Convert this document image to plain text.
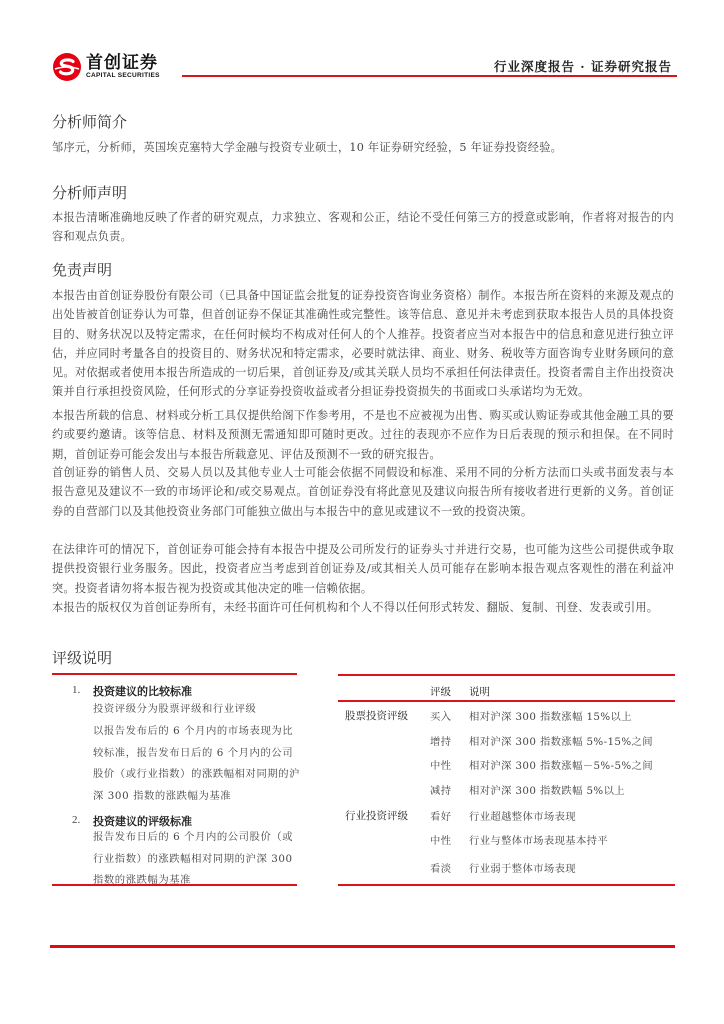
首创证券
CAPITAL SECURITIES
行业深度报告 · 证券研究报告
分析师简介
邹序元，分析师，英国埃克塞特大学金融与投资专业硕士，10 年证券研究经验，5 年证券投资经验。
分析师声明
本报告清晰准确地反映了作者的研究观点，力求独立、客观和公正，结论不受任何第三方的授意或影响，作者将对报告的内容和观点负责。
免责声明
本报告由首创证券股份有限公司（已具备中国证监会批复的证券投资咨询业务资格）制作。本报告所在资料的来源及观点的出处皆被首创证券认为可靠，但首创证券不保证其准确性或完整性。该等信息、意见并未考虑到获取本报告人员的具体投资目的、财务状况以及特定需求，在任何时候均不构成对任何人的个人推荐。投资者应当对本报告中的信息和意见进行独立评估，并应同时考量各自的投资目的、财务状况和特定需求，必要时就法律、商业、财务、税收等方面咨询专业财务顾问的意见。对依据或者使用本报告所造成的一切后果，首创证券及/或其关联人员均不承担任何法律责任。投资者需自主作出投资决策并自行承担投资风险，任何形式的分享证券投资收益或者分担证券投资损失的书面或口头承诺均为无效。
本报告所载的信息、材料或分析工具仅提供给阁下作参考用，不是也不应被视为出售、购买或认购证券或其他金融工具的要约或要约邀请。该等信息、材料及预测无需通知即可随时更改。过往的表现亦不应作为日后表现的预示和担保。在不同时期，首创证券可能会发出与本报告所载意见、评估及预测不一致的研究报告。
首创证券的销售人员、交易人员以及其他专业人士可能会依据不同假设和标准、采用不同的分析方法而口头或书面发表与本报告意见及建议不一致的市场评论和/或交易观点。首创证券没有将此意见及建议向报告所有接收者进行更新的义务。首创证券的自营部门以及其他投资业务部门可能独立做出与本报告中的意见或建议不一致的投资决策。
在法律许可的情况下，首创证券可能会持有本报告中提及公司所发行的证券头寸并进行交易，也可能为这些公司提供或争取提供投资银行业务服务。因此，投资者应当考虑到首创证券及/或其相关人员可能存在影响本报告观点客观性的潜在利益冲突。投资者请勿将本报告视为投资或其他决定的唯一信赖依据。
本报告的版权仅为首创证券所有，未经书面许可任何机构和个人不得以任何形式转发、翻版、复制、刊登、发表或引用。
评级说明
1. 投资建议的比较标准
投资评级分为股票评级和行业评级
以报告发布后的 6 个月内的市场表现为比较标准，报告发布日后的 6 个月内的公司股价（或行业指数）的涨跌幅相对同期的沪深 300 指数的涨跌幅为基准
2. 投资建议的评级标准
报告发布日后的 6 个月内的公司股价（或行业指数）的涨跌幅相对同期的沪深 300 指数的涨跌幅为基准
评级 说明
股票投资评级
行业投资评级
买入 相对沪深 300 指数涨幅 15%以上
增持 相对沪深 300 指数涨幅 5%-15%之间
中性 相对沪深 300 指数涨幅－5%-5%之间
减持 相对沪深 300 指数跌幅 5%以上
看好 行业超越整体市场表现
中性 行业与整体市场表现基本持平
看淡 行业弱于整体市场表现
